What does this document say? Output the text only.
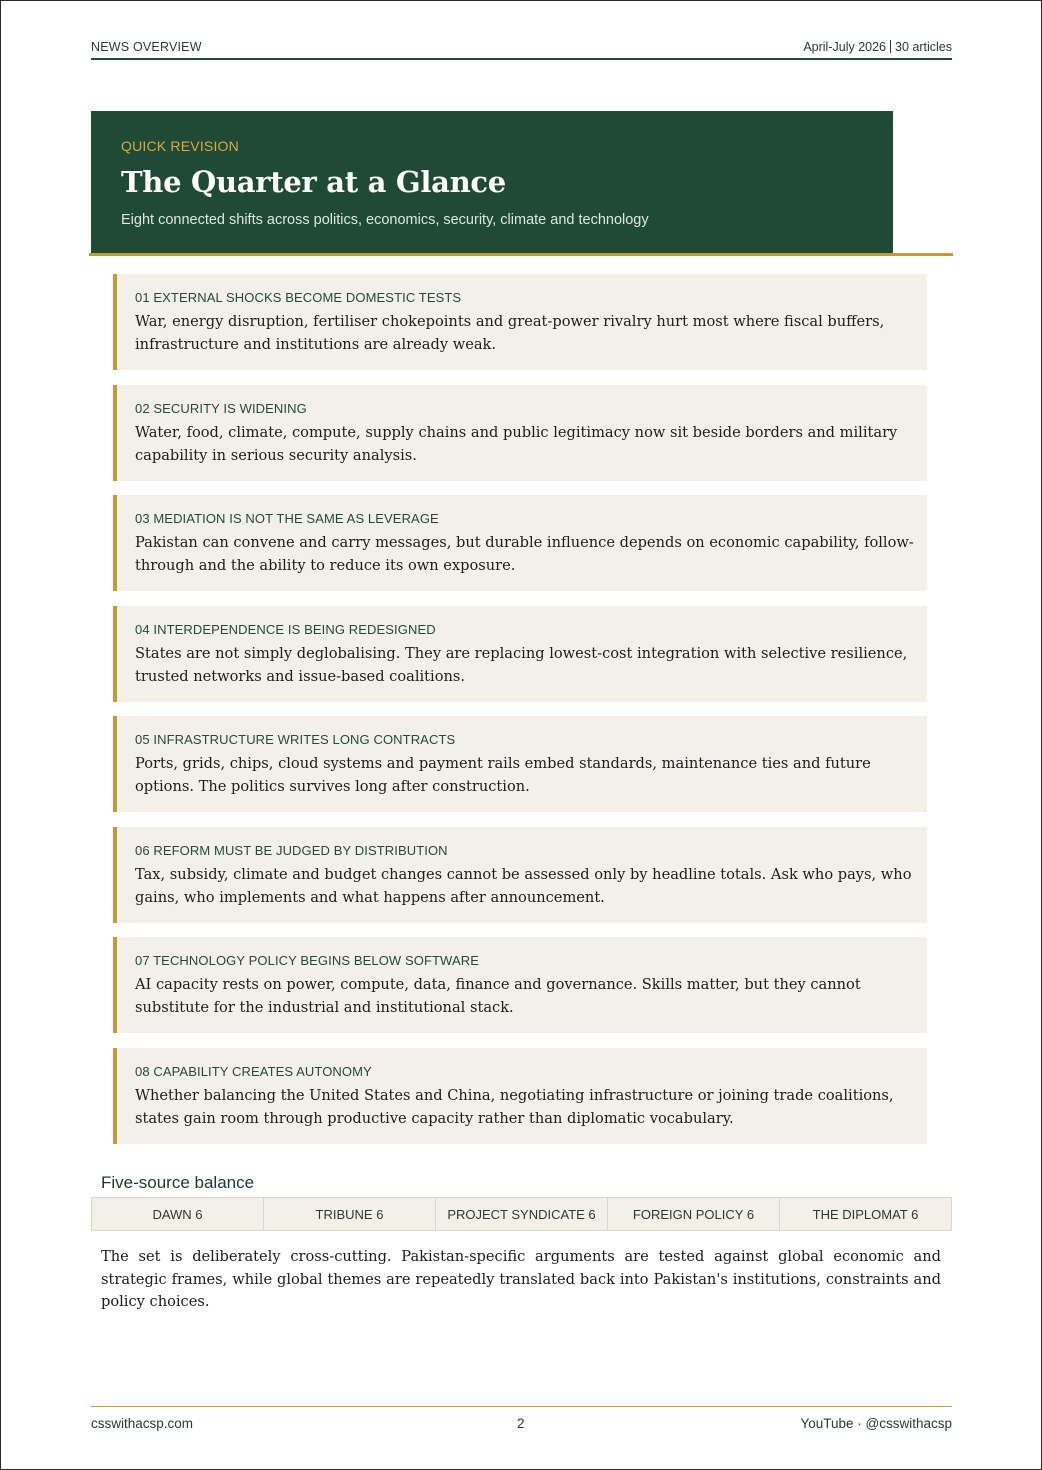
NEWS OVERVIEW	April-July 2026 30 articles
QUICK REVISION
The Quarter at a Glance
Eight connected shifts across politics, economics, security, climate and technology
01 EXTERNAL SHOCKS BECOME DOMESTIC TESTS
War, energy disruption, fertiliser chokepoints and great-power rivalry hurt most where fiscal buffers, infrastructure and institutions are already weak.
02 SECURITY IS WIDENING
Water, food, climate, compute, supply chains and public legitimacy now sit beside borders and military capability in serious security analysis.
03 MEDIATION IS NOT THE SAME AS LEVERAGE
Pakistan can convene and carry messages, but durable influence depends on economic capability, follow-through and the ability to reduce its own exposure.
04 INTERDEPENDENCE IS BEING REDESIGNED
States are not simply deglobalising. They are replacing lowest-cost integration with selective resilience, trusted networks and issue-based coalitions.
05 INFRASTRUCTURE WRITES LONG CONTRACTS
Ports, grids, chips, cloud systems and payment rails embed standards, maintenance ties and future options. The politics survives long after construction.
06 REFORM MUST BE JUDGED BY DISTRIBUTION
Tax, subsidy, climate and budget changes cannot be assessed only by headline totals. Ask who pays, who gains, who implements and what happens after announcement.
07 TECHNOLOGY POLICY BEGINS BELOW SOFTWARE
AI capacity rests on power, compute, data, finance and governance. Skills matter, but they cannot substitute for the industrial and institutional stack.
08 CAPABILITY CREATES AUTONOMY
Whether balancing the United States and China, negotiating infrastructure or joining trade coalitions, states gain room through productive capacity rather than diplomatic vocabulary.
Five-source balance
DAWN 6	TRIBUNE 6	PROJECT SYNDICATE 6	FOREIGN POLICY 6	THE DIPLOMAT 6
The set is deliberately cross-cutting. Pakistan-specific arguments are tested against global economic and strategic frames, while global themes are repeatedly translated back into Pakistan's institutions, constraints and policy choices.
csswithacsp.com	2	YouTube · @csswithacsp
